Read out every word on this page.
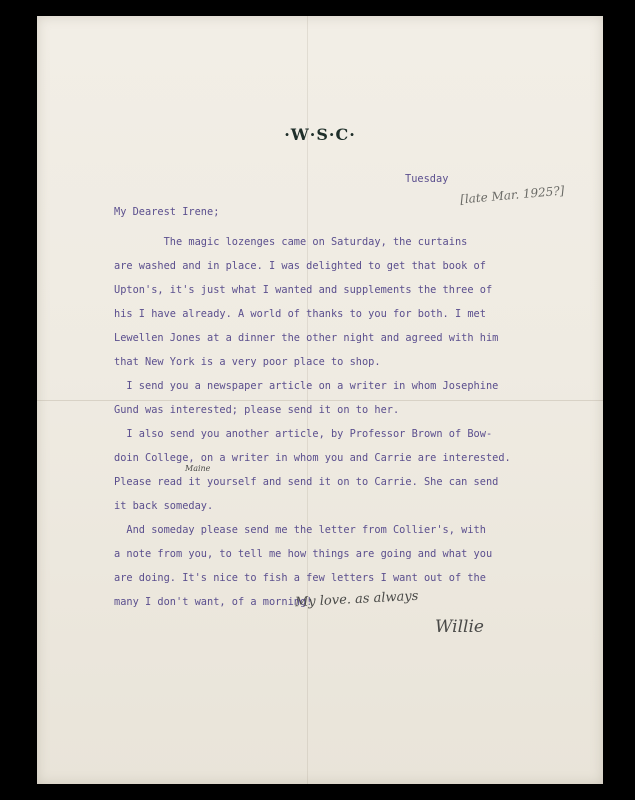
·W·S·C·
Tuesday
[late Mar. 1925?]
My Dearest Irene;
The magic lozenges came on Saturday, the curtains
are washed and in place. I was delighted to get that book of
Upton's, it's just what I wanted and supplements the three of
his I have already. A world of thanks to you for both. I met
Lewellen Jones at a dinner the other night and agreed with him
that New York is a very poor place to shop.
I send you a newspaper article on a writer in whom Josephine
Gund was interested; please send it on to her.
I also send you another article, by Professor Brown of Bow-
doin College, on a writer in whom you and Carrie are interested.
Please read it yourself and send it on to Carrie. She can send
it back someday.
And someday please send me the letter from Collier's, with
a note from you, to tell me how things are going and what you
are doing. It's nice to fish a few letters I want out of the
many I don't want, of a morning!
Maine
My love. as always
Willie
